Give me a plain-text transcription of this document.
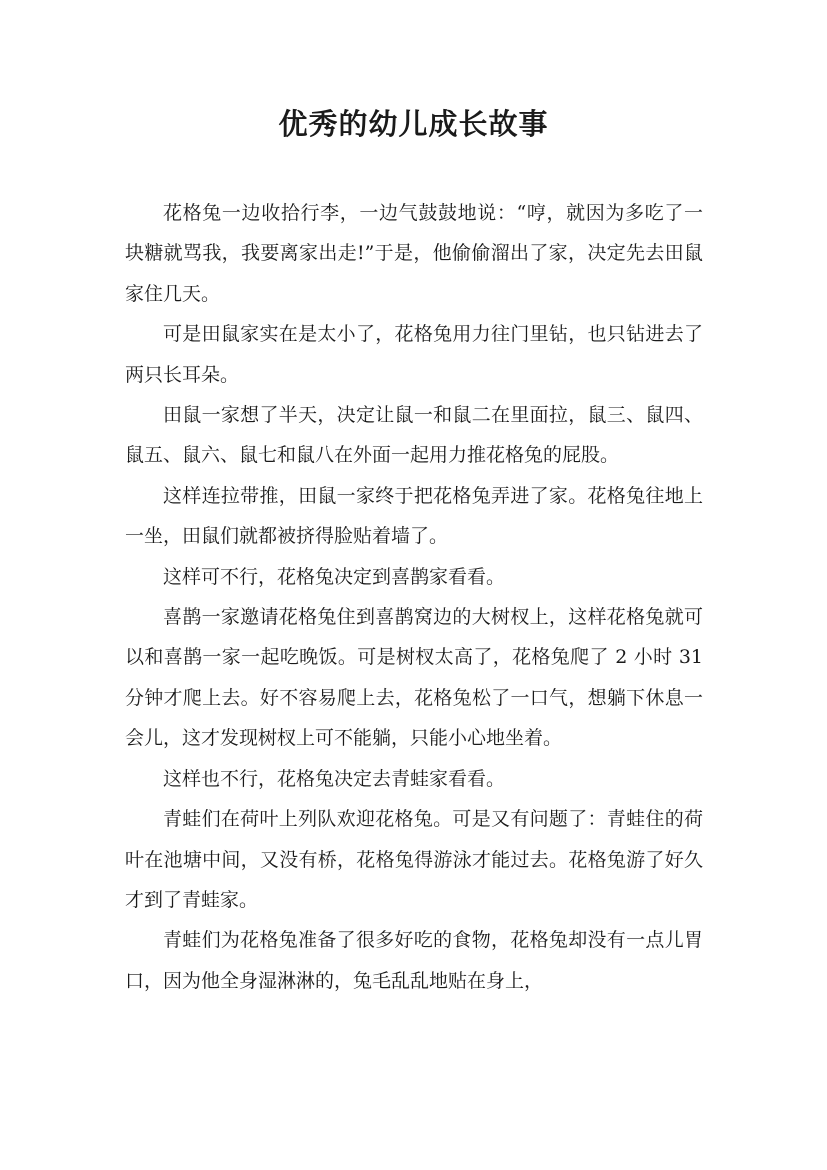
优秀的幼儿成长故事

花格兔一边收拾行李，一边气鼓鼓地说：“哼，就因为多吃了一块糖就骂我，我要离家出走!”于是，他偷偷溜出了家，决定先去田鼠家住几天。

可是田鼠家实在是太小了，花格兔用力往门里钻，也只钻进去了两只长耳朵。

田鼠一家想了半天，决定让鼠一和鼠二在里面拉，鼠三、鼠四、鼠五、鼠六、鼠七和鼠八在外面一起用力推花格兔的屁股。

这样连拉带推，田鼠一家终于把花格兔弄进了家。花格兔往地上一坐，田鼠们就都被挤得脸贴着墙了。

这样可不行，花格兔决定到喜鹊家看看。

喜鹊一家邀请花格兔住到喜鹊窝边的大树杈上，这样花格兔就可以和喜鹊一家一起吃晚饭。可是树杈太高了，花格兔爬了 2 小时 31 分钟才爬上去。好不容易爬上去，花格兔松了一口气，想躺下休息一会儿，这才发现树杈上可不能躺，只能小心地坐着。

这样也不行，花格兔决定去青蛙家看看。

青蛙们在荷叶上列队欢迎花格兔。可是又有问题了：青蛙住的荷叶在池塘中间，又没有桥，花格兔得游泳才能过去。花格兔游了好久才到了青蛙家。

青蛙们为花格兔准备了很多好吃的食物，花格兔却没有一点儿胃口，因为他全身湿淋淋的，兔毛乱乱地贴在身上，
